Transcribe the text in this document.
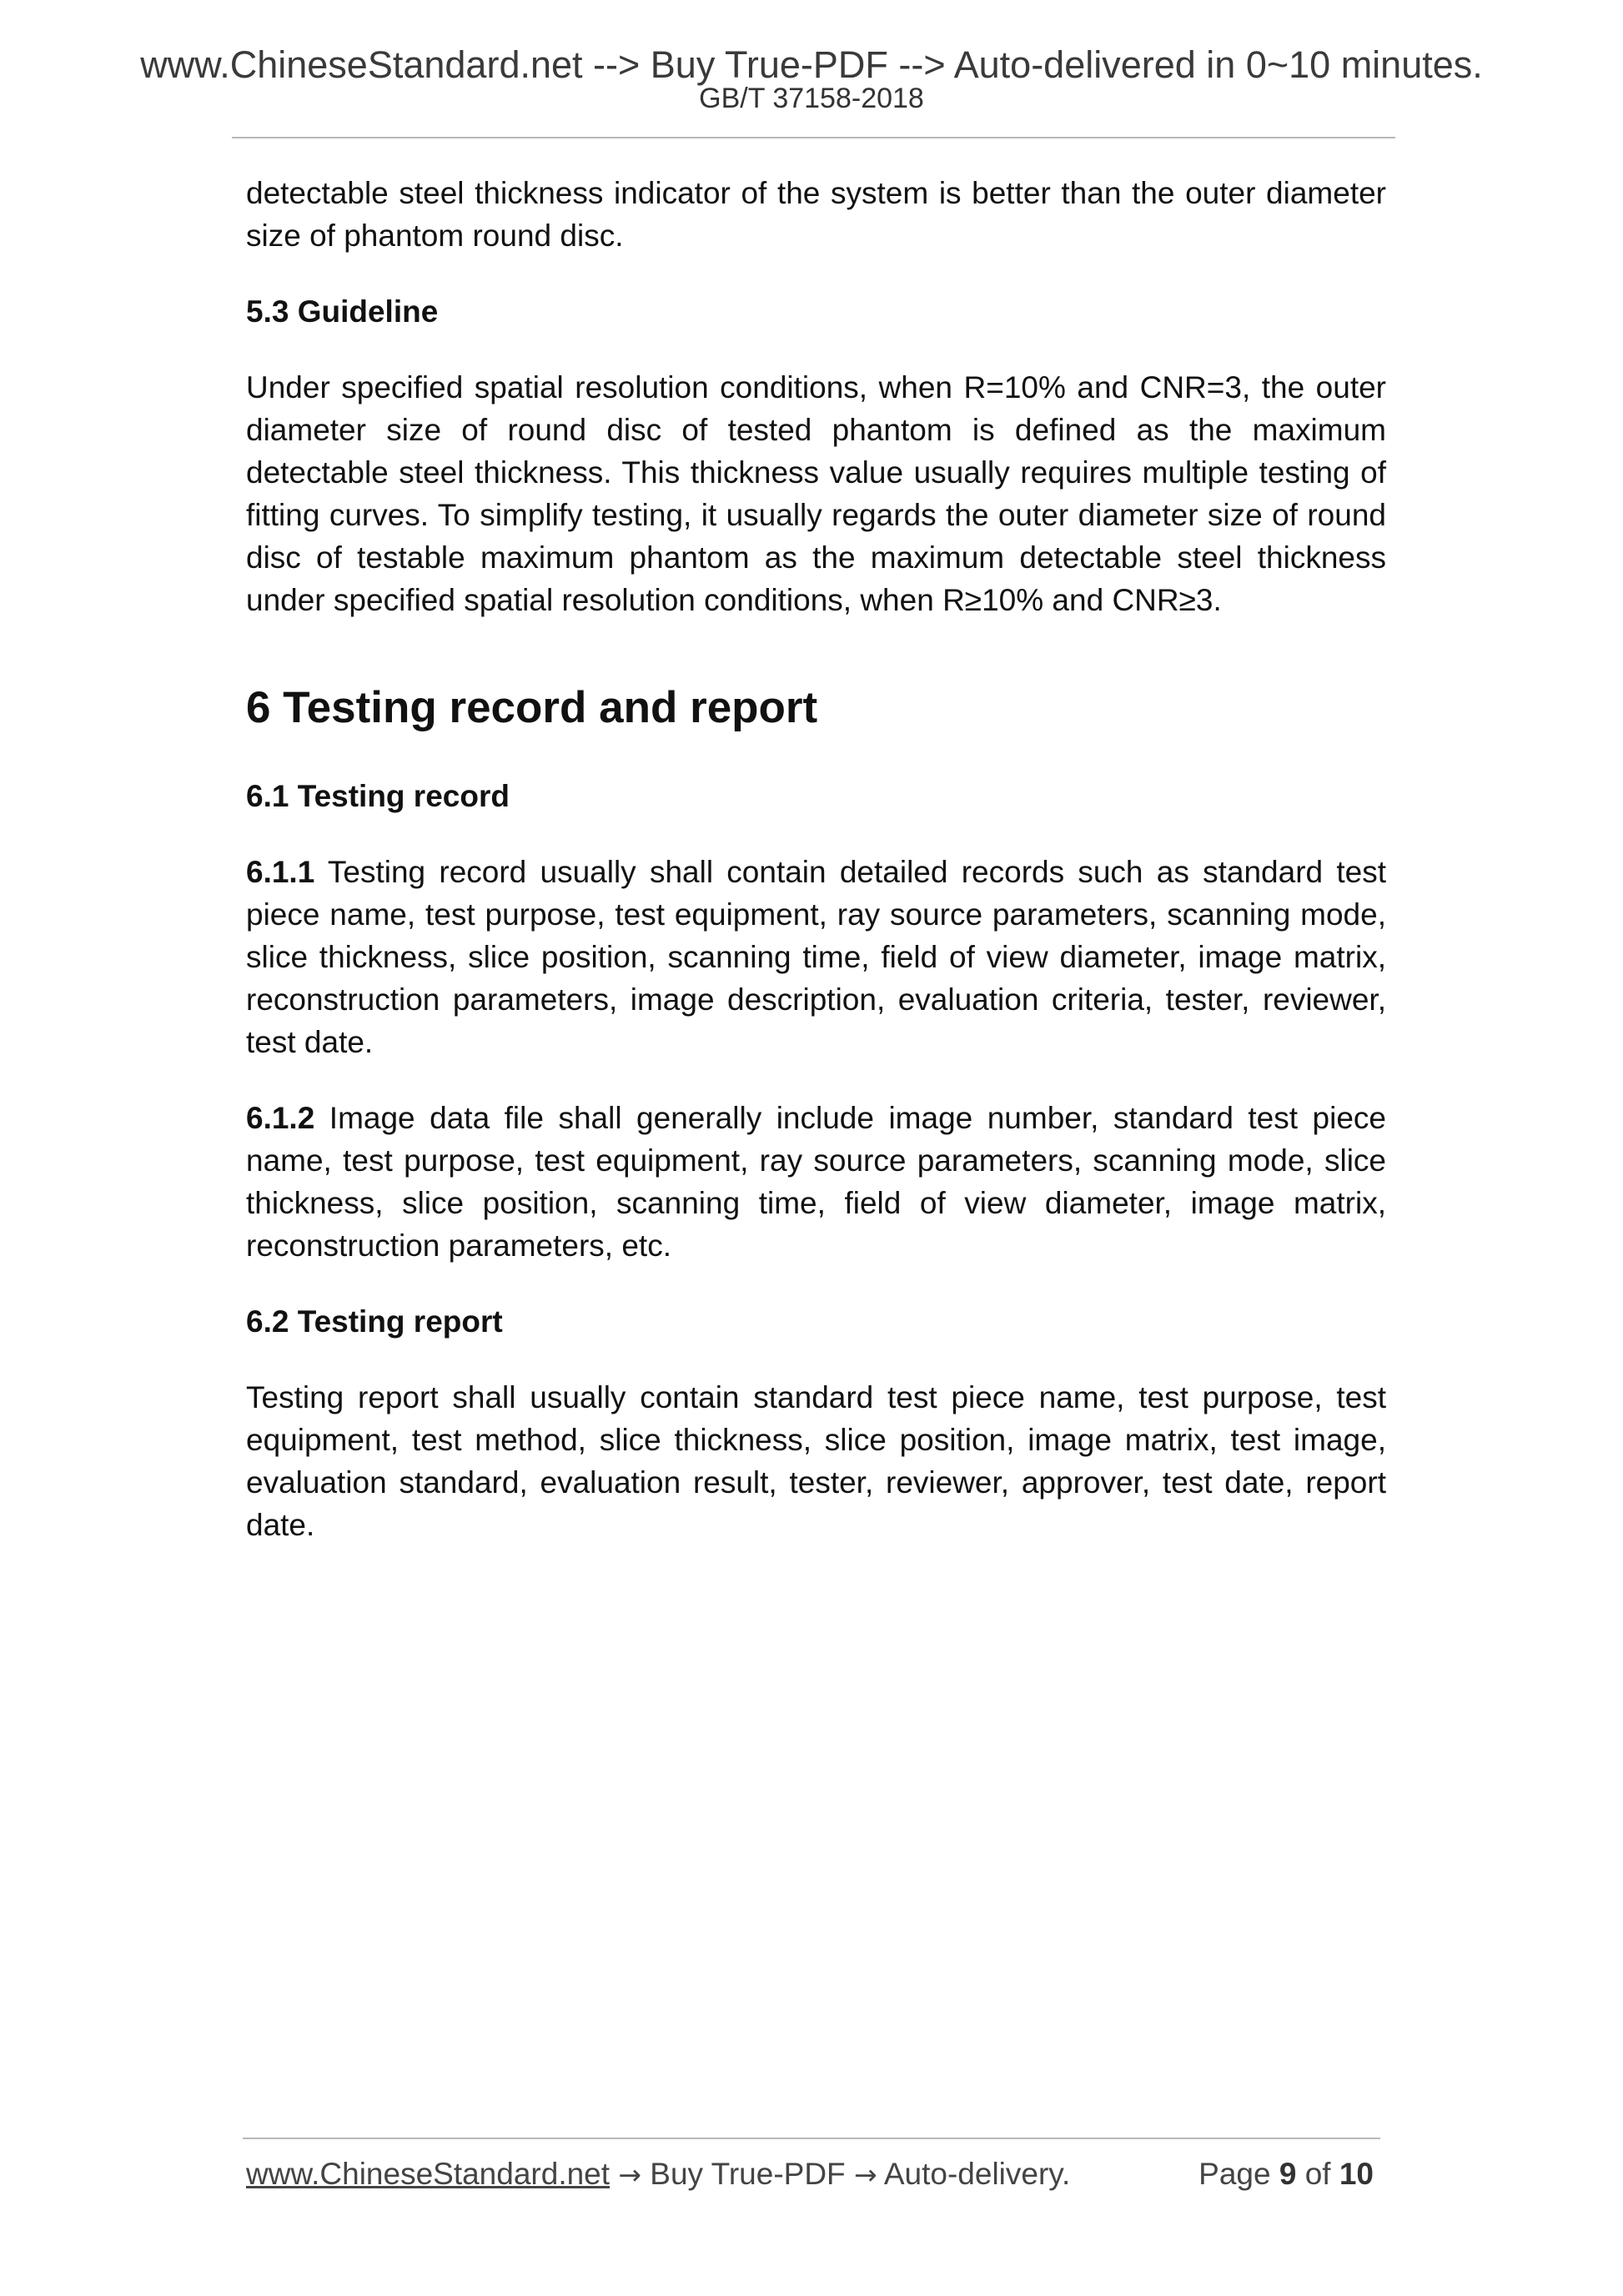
www.ChineseStandard.net --> Buy True-PDF --> Auto-delivered in 0~10 minutes.
GB/T 37158-2018

detectable steel thickness indicator of the system is better than the outer diameter size of phantom round disc.

5.3 Guideline

Under specified spatial resolution conditions, when R=10% and CNR=3, the outer diameter size of round disc of tested phantom is defined as the maximum detectable steel thickness. This thickness value usually requires multiple testing of fitting curves. To simplify testing, it usually regards the outer diameter size of round disc of testable maximum phantom as the maximum detectable steel thickness under specified spatial resolution conditions, when R≥10% and CNR≥3.

6 Testing record and report

6.1 Testing record

6.1.1 Testing record usually shall contain detailed records such as standard test piece name, test purpose, test equipment, ray source parameters, scanning mode, slice thickness, slice position, scanning time, field of view diameter, image matrix, reconstruction parameters, image description, evaluation criteria, tester, reviewer, test date.

6.1.2 Image data file shall generally include image number, standard test piece name, test purpose, test equipment, ray source parameters, scanning mode, slice thickness, slice position, scanning time, field of view diameter, image matrix, reconstruction parameters, etc.

6.2 Testing report

Testing report shall usually contain standard test piece name, test purpose, test equipment, test method, slice thickness, slice position, image matrix, test image, evaluation standard, evaluation result, tester, reviewer, approver, test date, report date.

www.ChineseStandard.net → Buy True-PDF → Auto-delivery.	Page 9 of 10
